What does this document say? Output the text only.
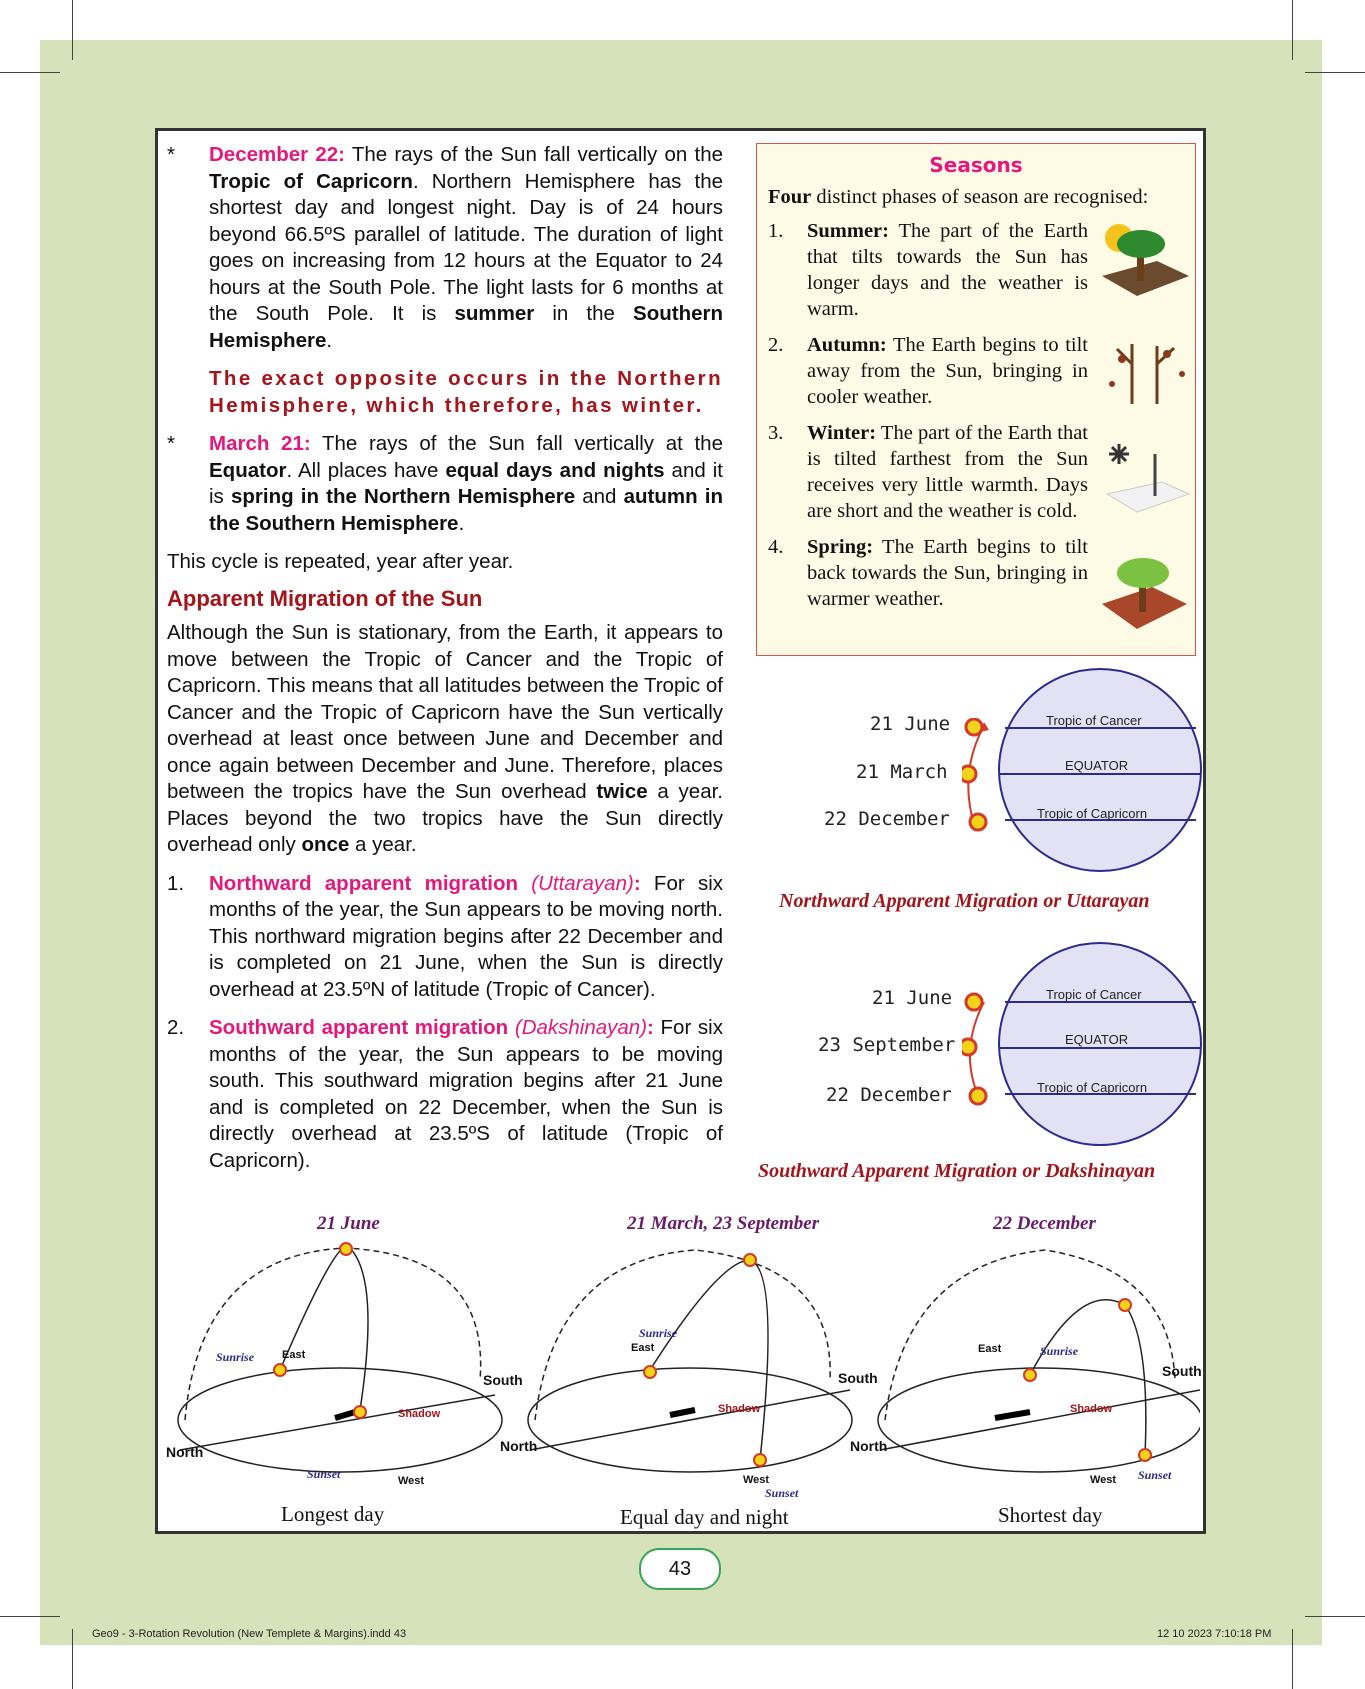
* December 22: The rays of the Sun fall vertically on the Tropic of Capricorn. Northern Hemisphere has the shortest day and longest night. Day is of 24 hours beyond 66.5ºS parallel of latitude. The duration of light goes on increasing from 12 hours at the Equator to 24 hours at the South Pole. The light lasts for 6 months at the South Pole. It is summer in the Southern Hemisphere.
The exact opposite occurs in the Northern Hemisphere, which therefore, has winter.
* March 21: The rays of the Sun fall vertically at the Equator. All places have equal days and nights and it is spring in the Northern Hemisphere and autumn in the Southern Hemisphere.

This cycle is repeated, year after year.

Apparent Migration of the Sun

Although the Sun is stationary, from the Earth, it appears to move between the Tropic of Cancer and the Tropic of Capricorn. This means that all latitudes between the Tropic of Cancer and the Tropic of Capricorn have the Sun vertically overhead at least once between June and December and once again between December and June. Therefore, places between the tropics have the Sun overhead twice a year. Places beyond the two tropics have the Sun directly overhead only once a year.

1. Northward apparent migration (Uttarayan): For six months of the year, the Sun appears to be moving north. This northward migration begins after 22 December and is completed on 21 June, when the Sun is directly overhead at 23.5ºN of latitude (Tropic of Cancer).
2. Southward apparent migration (Dakshinayan): For six months of the year, the Sun appears to be moving south. This southward migration begins after 21 June and is completed on 22 December, when the Sun is directly overhead at 23.5ºS of latitude (Tropic of Capricorn).
Seasons
Four distinct phases of season are recognised:
1. Summer: The part of the Earth that tilts towards the Sun has longer days and the weather is warm.
2. Autumn: The Earth begins to tilt away from the Sun, bringing in cooler weather.
3. Winter: The part of the Earth that is tilted farthest from the Sun receives very little warmth. Days are short and the weather is cold.
4. Spring: The Earth begins to tilt back towards the Sun, bringing in warmer weather.
Tropic of Cancer
EQUATOR
Tropic of Capricorn
21 June
21 March
22 December
Northward Apparent Migration or Uttarayan
Tropic of Cancer
EQUATOR
Tropic of Capricorn
21 June
23 September
22 December
Southward Apparent Migration or Dakshinayan
21 June	21 March, 23 September	22 December
Sunrise	East
South
North
Shadow
Sunset	West
Sunrise
East
South
North
Shadow
Sunset
West
Sunrise
East
South
North
Shadow
Sunset
West
Longest day	Equal day and night	Shortest day
43
Geo9 - 3-Rotation Revolution (New Templete & Margins).indd 43	12 10 2023 7:10:18 PM
